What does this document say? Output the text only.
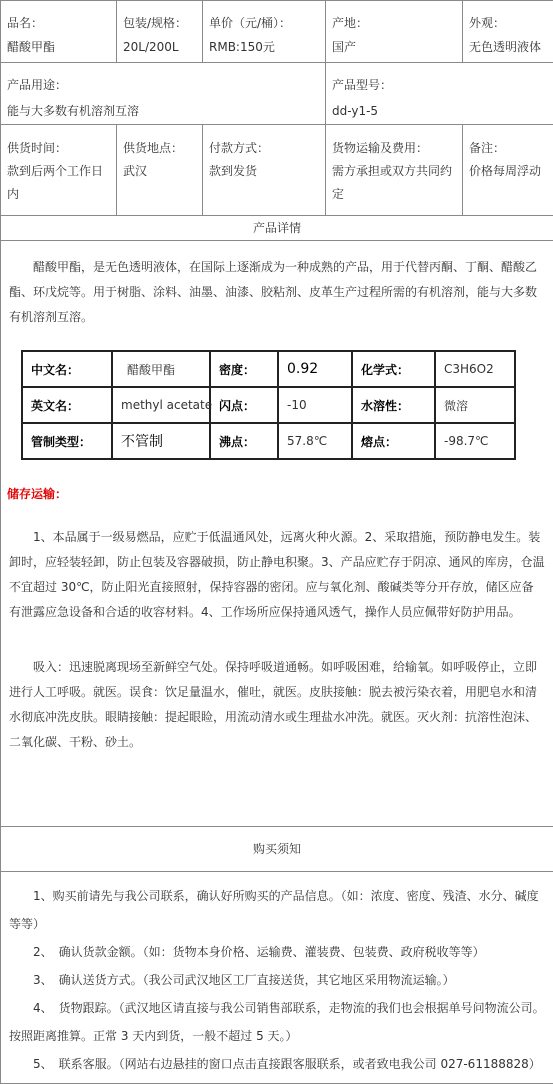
品名：
醋酸甲酯

包装/规格：
20L/200L

单价（元/桶）：
RMB:150元

产地：
国产

外观：
无色透明液体

产品用途：
能与大多数有机溶剂互溶

产品型号：
dd-y1-5

供货时间：
款到后两个工作日内

供货地点：
武汉

付款方式：
款到发货

货物运输及费用：
需方承担或双方共同约定

备注：
价格每周浮动

产品详情

醋酸甲酯，是无色透明液体，在国际上逐渐成为一种成熟的产品，用于代替丙酮、丁酮、醋酸乙酯、环戊烷等。用于树脂、涂料、油墨、油漆、胶粘剂、皮革生产过程所需的有机溶剂，能与大多数有机溶剂互溶。

中文名：	醋酸甲酯	密度：	0.92	化学式：	C3H6O2
英文名：	methyl acetate	闪点：	-10	水溶性：	微溶
管制类型：	不管制	沸点：	57.8℃	熔点：	-98.7℃

储存运输：

1、本品属于一级易燃品，应贮于低温通风处，远离火种火源。2、采取措施，预防静电发生。装卸时，应轻装轻卸，防止包装及容器破损，防止静电积聚。3、产品应贮存于阴凉、通风的库房，仓温不宜超过 30℃，防止阳光直接照射，保持容器的密闭。应与氧化剂、酸碱类等分开存放，储区应备有泄露应急设备和合适的收容材料。4、工作场所应保持通风透气，操作人员应佩带好防护用品。

吸入：迅速脱离现场至新鲜空气处。保持呼吸道通畅。如呼吸困难，给输氧。如呼吸停止，立即进行人工呼吸。就医。误食：饮足量温水，催吐，就医。皮肤接触：脱去被污染衣着，用肥皂水和清水彻底冲洗皮肤。眼睛接触：提起眼睑，用流动清水或生理盐水冲洗。就医。灭火剂：抗溶性泡沫、二氧化碳、干粉、砂土。

购买须知

1、购买前请先与我公司联系，确认好所购买的产品信息。（如：浓度、密度、残渣、水分、碱度等等）

2、　确认货款金额。（如：货物本身价格、运输费、灌装费、包装费、政府税收等等）

3、　确认送货方式。（我公司武汉地区工厂直接送货，其它地区采用物流运输。）

4、　货物跟踪。（武汉地区请直接与我公司销售部联系，走物流的我们也会根据单号问物流公司。按照距离推算。正常 3 天内到货，一般不超过 5 天。）

5、　联系客服。（网站右边悬挂的窗口点击直接跟客服联系，或者致电我公司 027-61188828）
